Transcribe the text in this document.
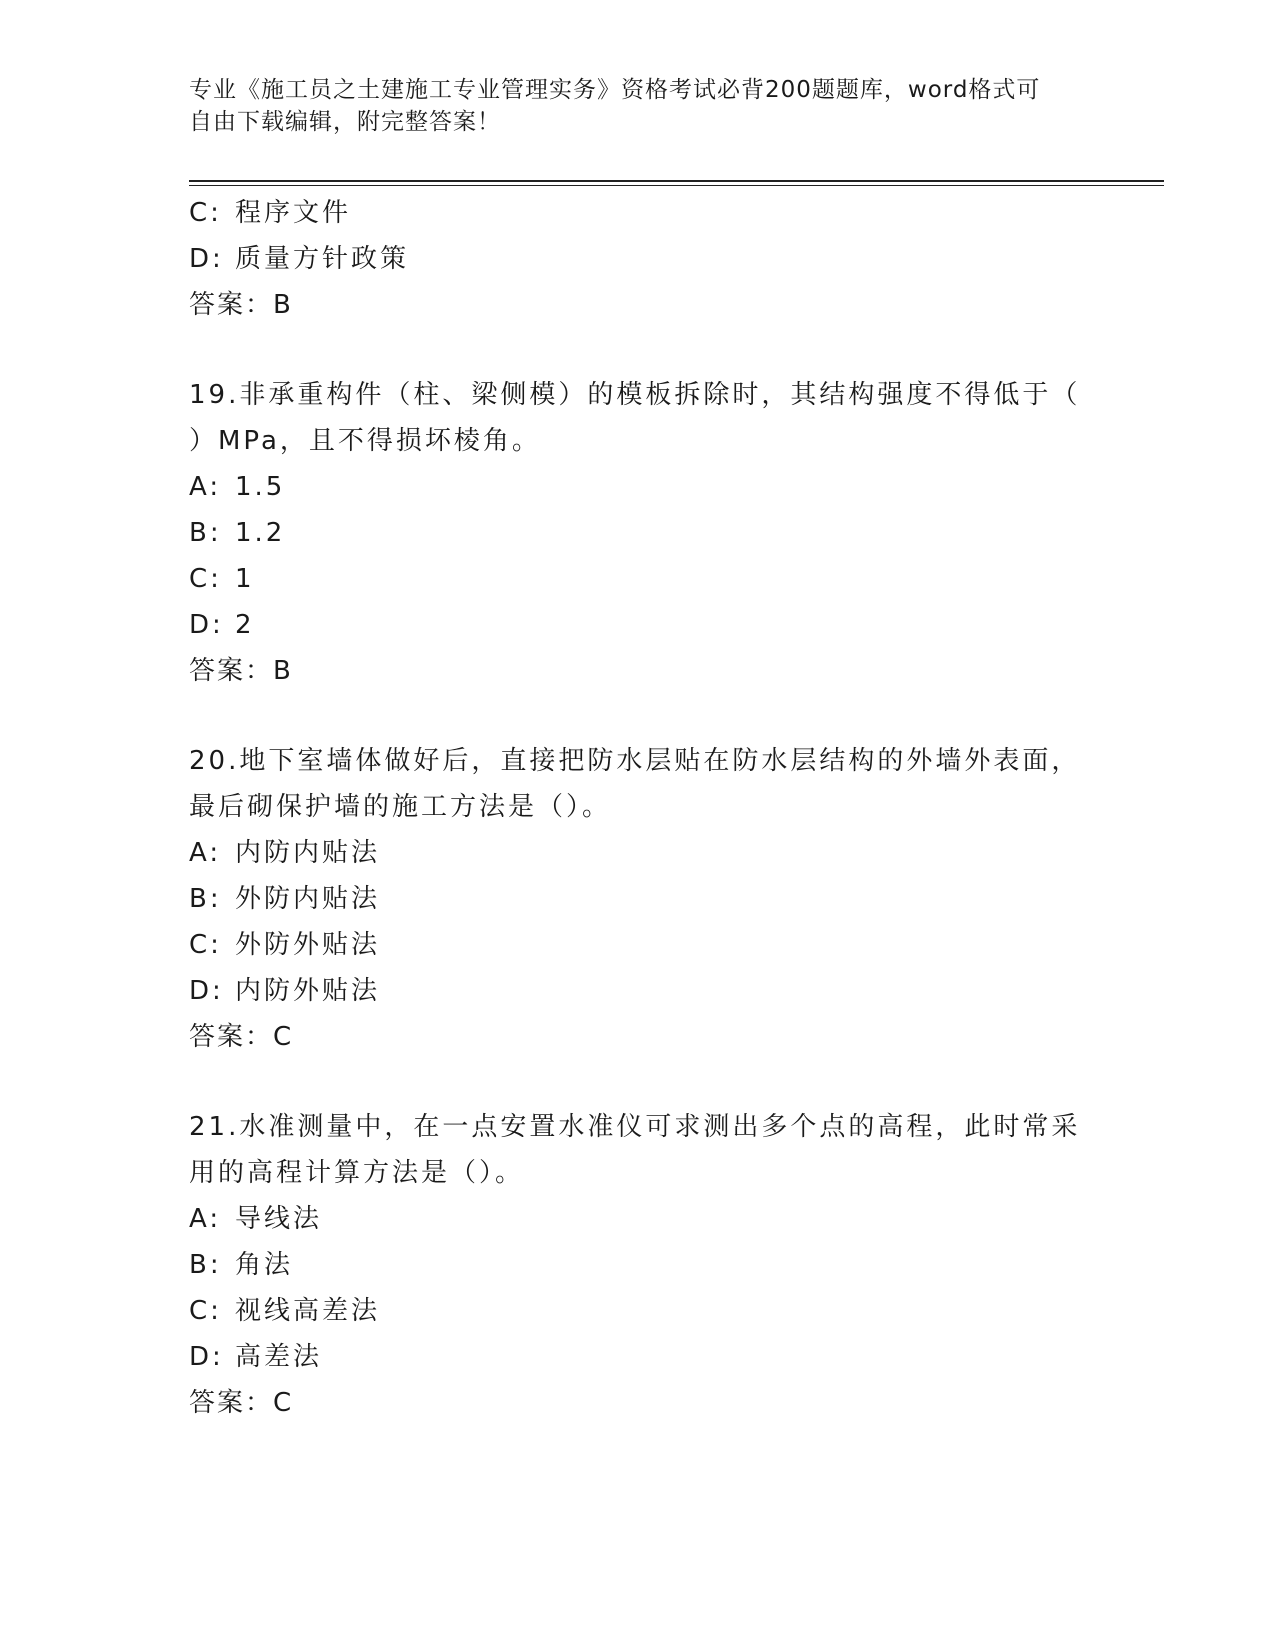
专业《施工员之土建施工专业管理实务》资格考试必背200题题库，word格式可
自由下载编辑，附完整答案！
C: 程序文件
D: 质量方针政策
答案：B
19.非承重构件（柱、梁侧模）的模板拆除时，其结构强度不得低于（
）MPa，且不得损坏棱角。
A: 1.5
B: 1.2
C: 1
D: 2
答案：B
20.地下室墙体做好后，直接把防水层贴在防水层结构的外墙外表面，
最后砌保护墙的施工方法是（）。
A: 内防内贴法
B: 外防内贴法
C: 外防外贴法
D: 内防外贴法
答案：C
21.水准测量中，在一点安置水准仪可求测出多个点的高程，此时常采
用的高程计算方法是（）。
A: 导线法
B: 角法
C: 视线高差法
D: 高差法
答案：C
